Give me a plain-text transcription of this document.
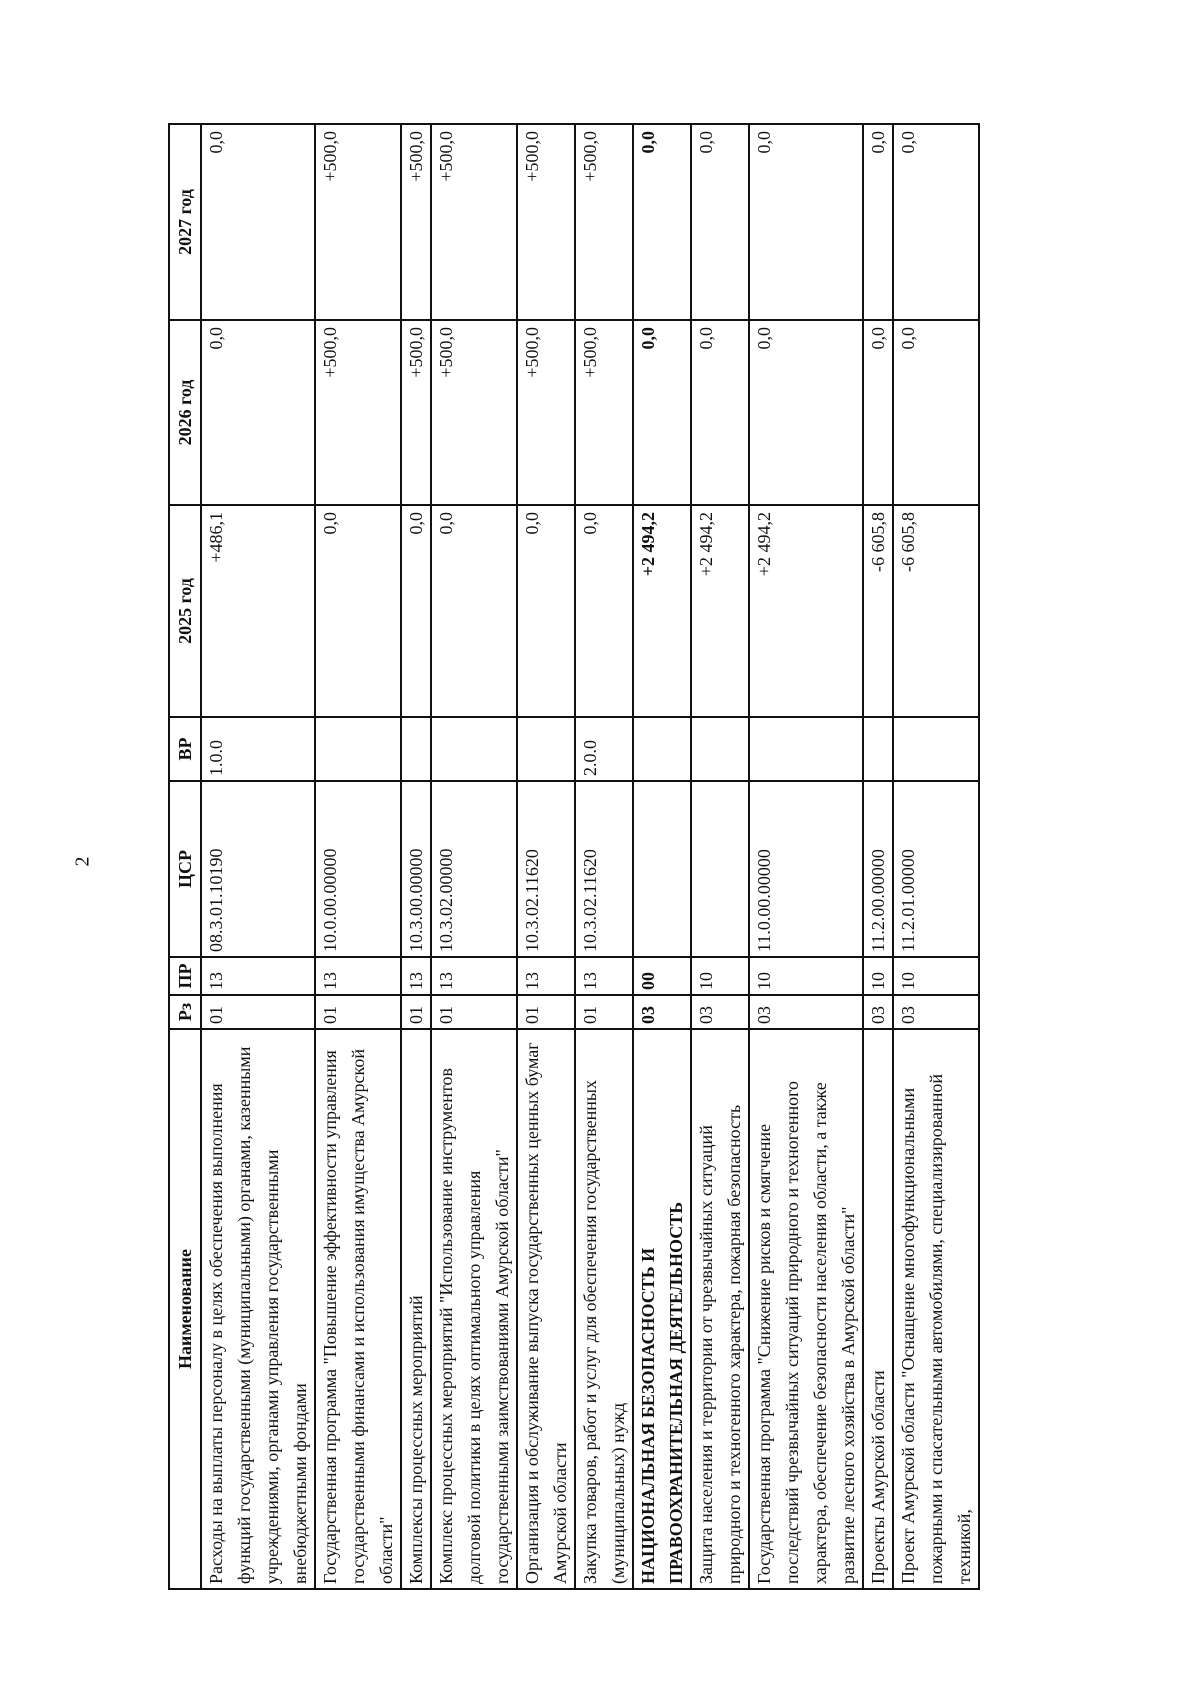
2
Наименование	Рз	ПР	ЦСР	ВР	2025 год	2026 год	2027 год
Расходы на выплаты персоналу в целях обеспечения выполнения функций государственными (муниципальными) органами, казенными учреждениями, органами управления государственными внебюджетными фондами	01	13	08.3.01.10190	1.0.0	+486,1	0,0	0,0
Государственная программа "Повышение эффективности управления государственными финансами и использования имущества Амурской области"	01	13	10.0.00.00000		0,0	+500,0	+500,0
Комплексы процессных мероприятий	01	13	10.3.00.00000		0,0	+500,0	+500,0
Комплекс процессных мероприятий "Использование инструментов долговой политики в целях оптимального управления государственными заимствованиями Амурской области"	01	13	10.3.02.00000		0,0	+500,0	+500,0
Организация и обслуживание выпуска государственных ценных бумаг Амурской области	01	13	10.3.02.11620		0,0	+500,0	+500,0
Закупка товаров, работ и услуг для обеспечения государственных (муниципальных) нужд	01	13	10.3.02.11620	2.0.0	0,0	+500,0	+500,0
НАЦИОНАЛЬНАЯ БЕЗОПАСНОСТЬ И ПРАВООХРАНИТЕЛЬНАЯ ДЕЯТЕЛЬНОСТЬ	03	00			+2 494,2	0,0	0,0
Защита населения и территории от чрезвычайных ситуаций природного и техногенного характера, пожарная безопасность	03	10			+2 494,2	0,0	0,0
Государственная программа "Снижение рисков и смягчение последствий чрезвычайных ситуаций природного и техногенного характера, обеспечение безопасности населения области, а также развитие лесного хозяйства в Амурской области"	03	10	11.0.00.00000		+2 494,2	0,0	0,0
Проекты Амурской области	03	10	11.2.00.00000		-6 605,8	0,0	0,0
Проект Амурской области "Оснащение многофункциональными пожарными и спасательными автомобилями, специализированной техникой,	03	10	11.2.01.00000		-6 605,8	0,0	0,0
